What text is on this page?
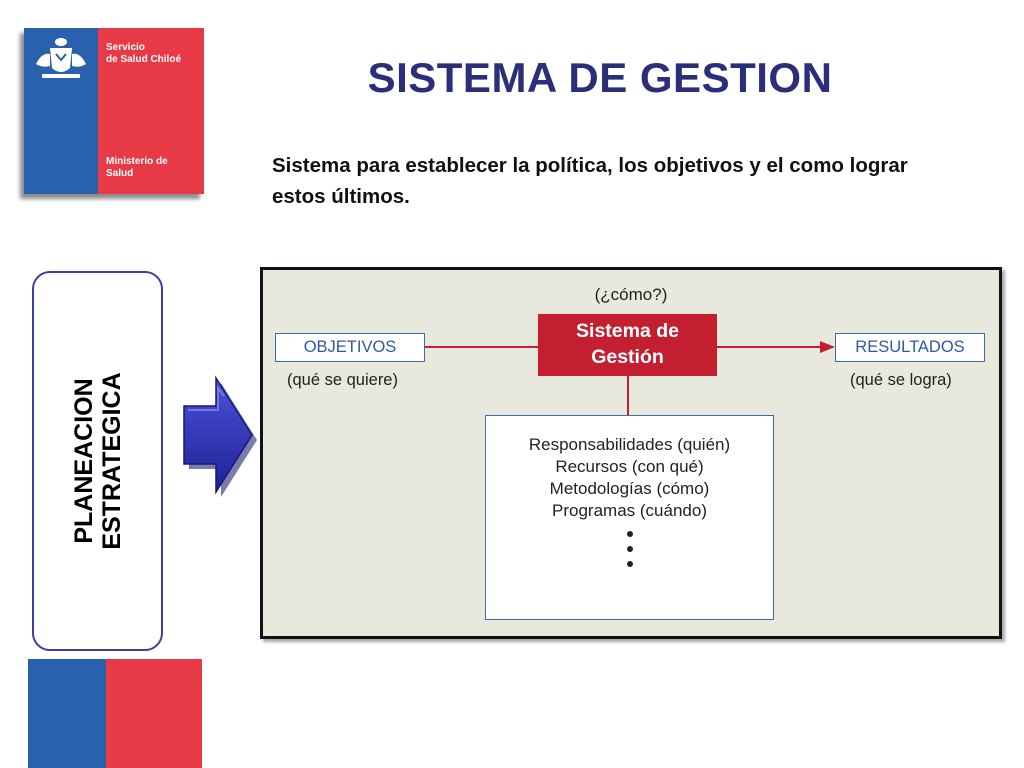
Servicio
de Salud Chiloé
Ministerio de
Salud
SISTEMA DE GESTION
Sistema para establecer la política, los objetivos y el como lograr estos últimos.
PLANEACION ESTRATEGICA
(¿cómo?)
OBJETIVOS
(qué se quiere)
Sistema de
Gestión	RESULTADOS
(qué se logra)
Responsabilidades (quién)
Recursos (con qué)
Metodologías (cómo)
Programas (cuándo)
